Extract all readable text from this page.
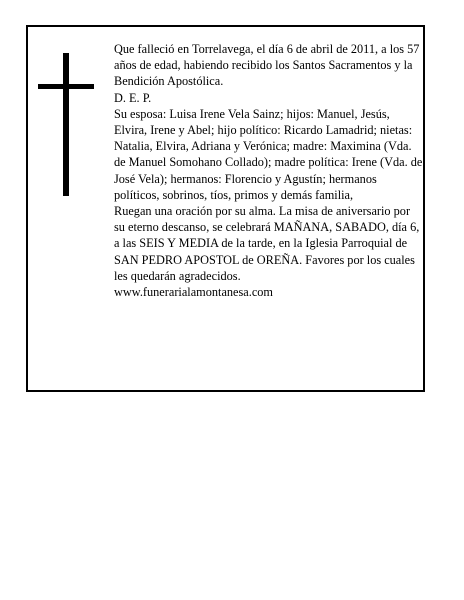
Que falleció en Torrelavega, el día 6 de abril de 2011, a los 57 años de edad, habiendo recibido los Santos Sacramentos y la Bendición Apostólica.

D. E. P.

Su esposa: Luisa Irene Vela Sainz; hijos: Manuel, Jesús, Elvira, Irene y Abel; hijo político: Ricardo Lamadrid; nietas: Natalia, Elvira, Adriana y Verónica; madre: Maximina (Vda. de Manuel Somohano Collado); madre política: Irene (Vda. de José Vela); hermanos: Florencio y Agustín; hermanos políticos, sobrinos, tíos, primos y demás familia,

Ruegan una oración por su alma. La misa de aniversario por su eterno descanso, se celebrará MAÑANA, SABADO, día 6, a las SEIS Y MEDIA de la tarde, en la Iglesia Parroquial de SAN PEDRO APOSTOL de OREÑA. Favores por los cuales les quedarán agradecidos.

www.funerarialamontanesa.com
